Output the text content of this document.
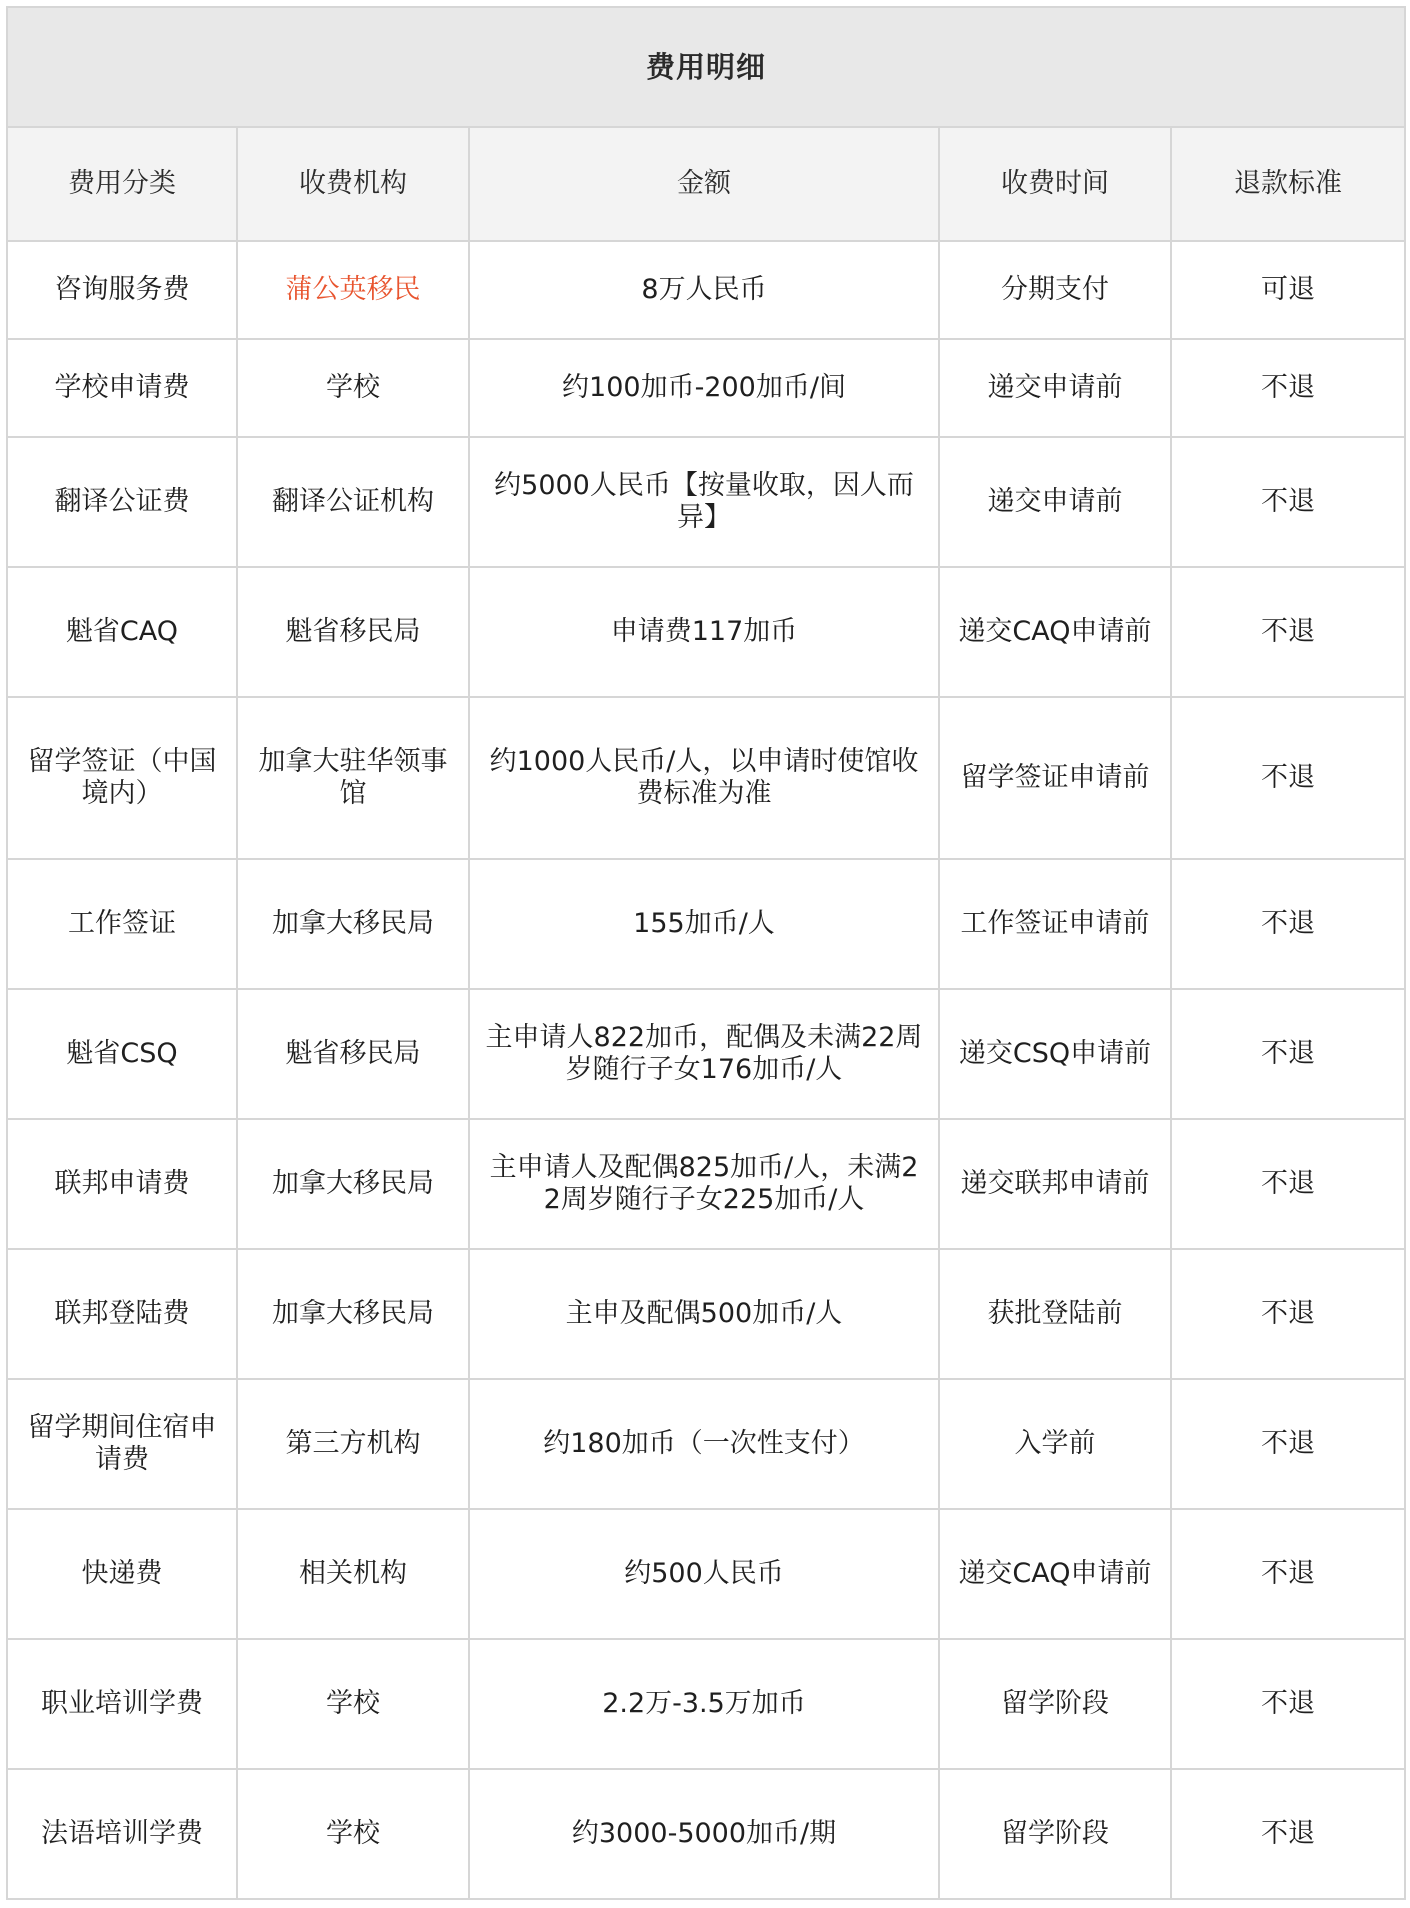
费用明细				
费用分类	收费机构	金额	收费时间	退款标准
咨询服务费	蒲公英移民	8万人民币	分期支付	可退
学校申请费	学校	约100加币-200加币/间	递交申请前	不退
翻译公证费	翻译公证机构	约5000人民币【按量收取，因人而异】	递交申请前	不退
魁省CAQ	魁省移民局	申请费117加币	递交CAQ申请前	不退
留学签证（中国境内）	加拿大驻华领事馆	约1000人民币/人，以申请时使馆收费标准为准	留学签证申请前	不退
工作签证	加拿大移民局	155加币/人	工作签证申请前	不退
魁省CSQ	魁省移民局	主申请人822加币，配偶及未满22周岁随行子女176加币/人	递交CSQ申请前	不退
联邦申请费	加拿大移民局	主申请人及配偶825加币/人，未满22周岁随行子女225加币/人	递交联邦申请前	不退
联邦登陆费	加拿大移民局	主申及配偶500加币/人	获批登陆前	不退
留学期间住宿申请费	第三方机构	约180加币（一次性支付）	入学前	不退
快递费	相关机构	约500人民币	递交CAQ申请前	不退
职业培训学费	学校	2.2万-3.5万加币	留学阶段	不退
法语培训学费	学校	约3000-5000加币/期	留学阶段	不退
